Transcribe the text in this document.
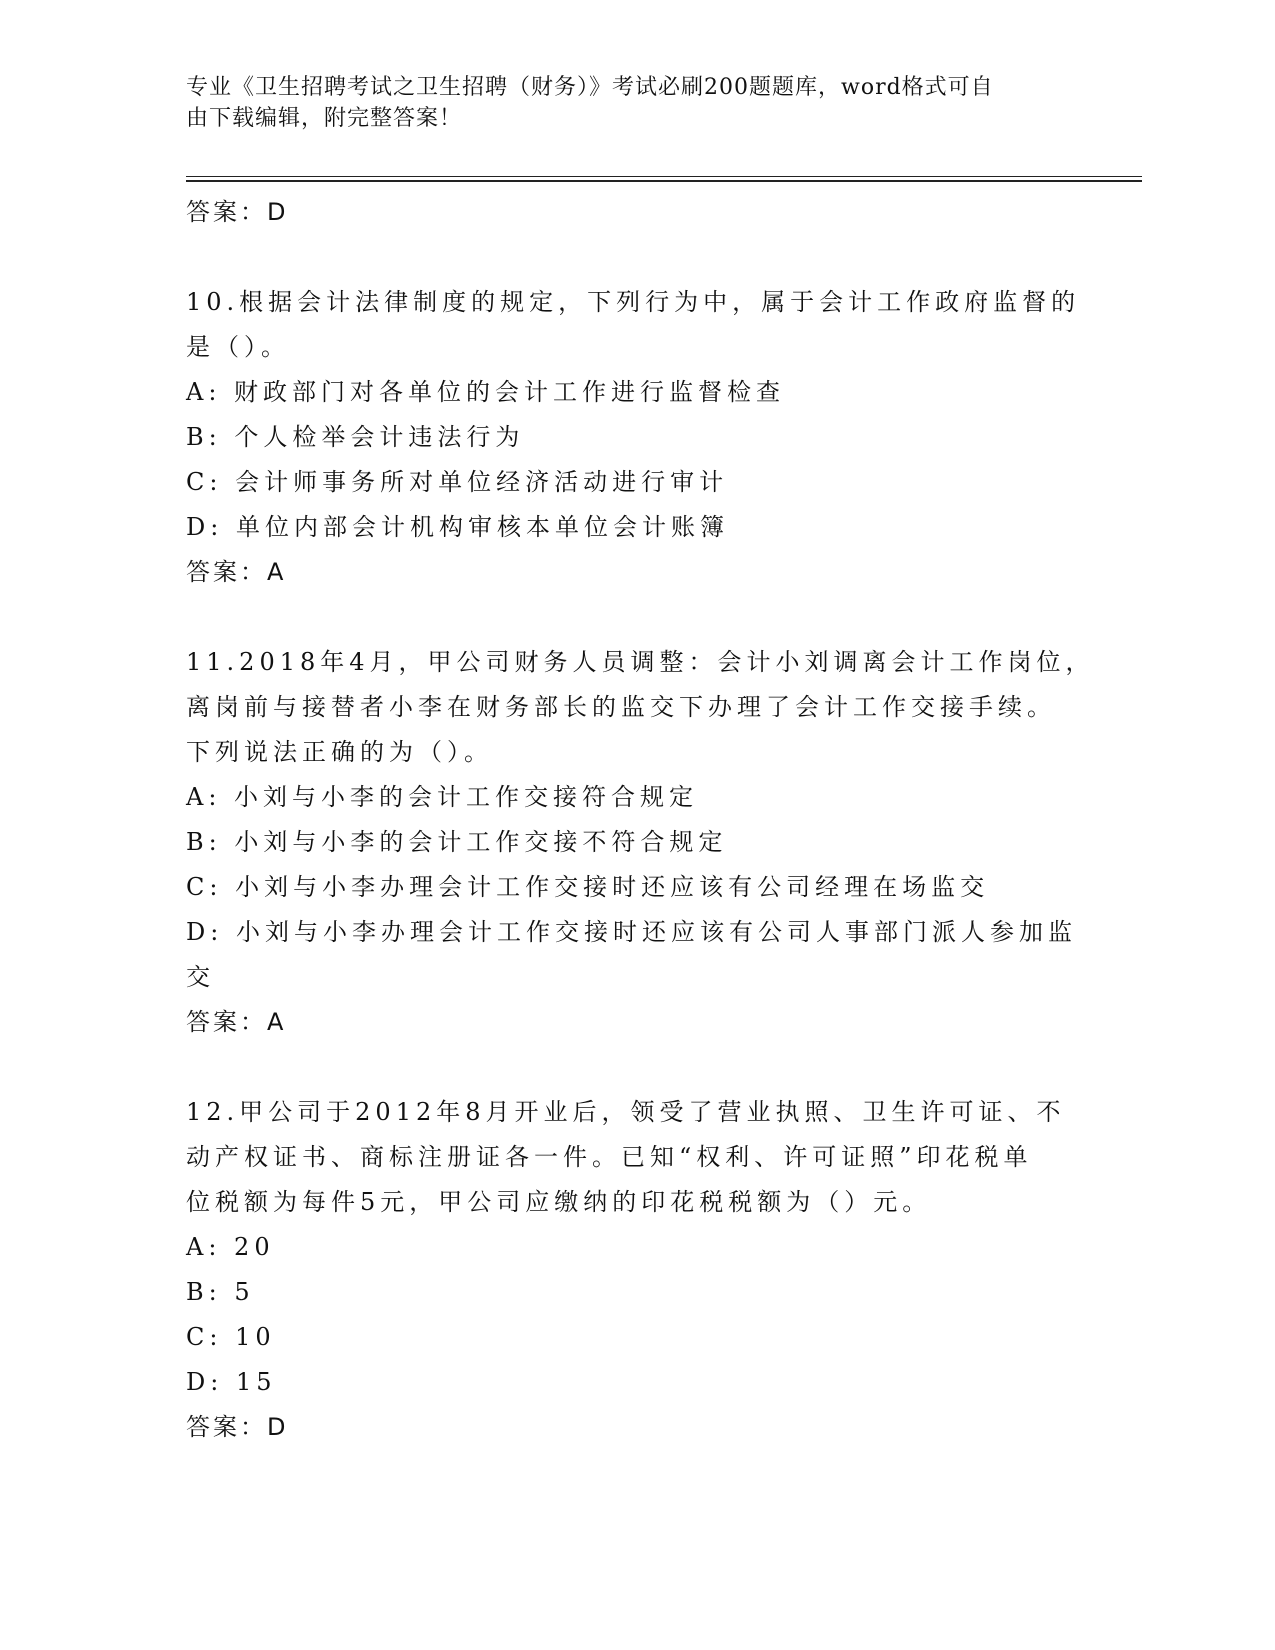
专业《卫生招聘考试之卫生招聘（财务）》考试必刷200题题库，word格式可自
由下载编辑，附完整答案！
答案：D
10.根据会计法律制度的规定，下列行为中，属于会计工作政府监督的
是（）。
A: 财政部门对各单位的会计工作进行监督检查
B: 个人检举会计违法行为
C: 会计师事务所对单位经济活动进行审计
D: 单位内部会计机构审核本单位会计账簿
答案：A
11.2018年4月，甲公司财务人员调整：会计小刘调离会计工作岗位，
离岗前与接替者小李在财务部长的监交下办理了会计工作交接手续。
下列说法正确的为（）。
A: 小刘与小李的会计工作交接符合规定
B: 小刘与小李的会计工作交接不符合规定
C: 小刘与小李办理会计工作交接时还应该有公司经理在场监交
D: 小刘与小李办理会计工作交接时还应该有公司人事部门派人参加监
交
答案：A
12.甲公司于2012年8月开业后，领受了营业执照、卫生许可证、不
动产权证书、商标注册证各一件。已知“权利、许可证照”印花税单
位税额为每件5元，甲公司应缴纳的印花税税额为（）元。
A: 20
B: 5
C: 10
D: 15
答案：D
